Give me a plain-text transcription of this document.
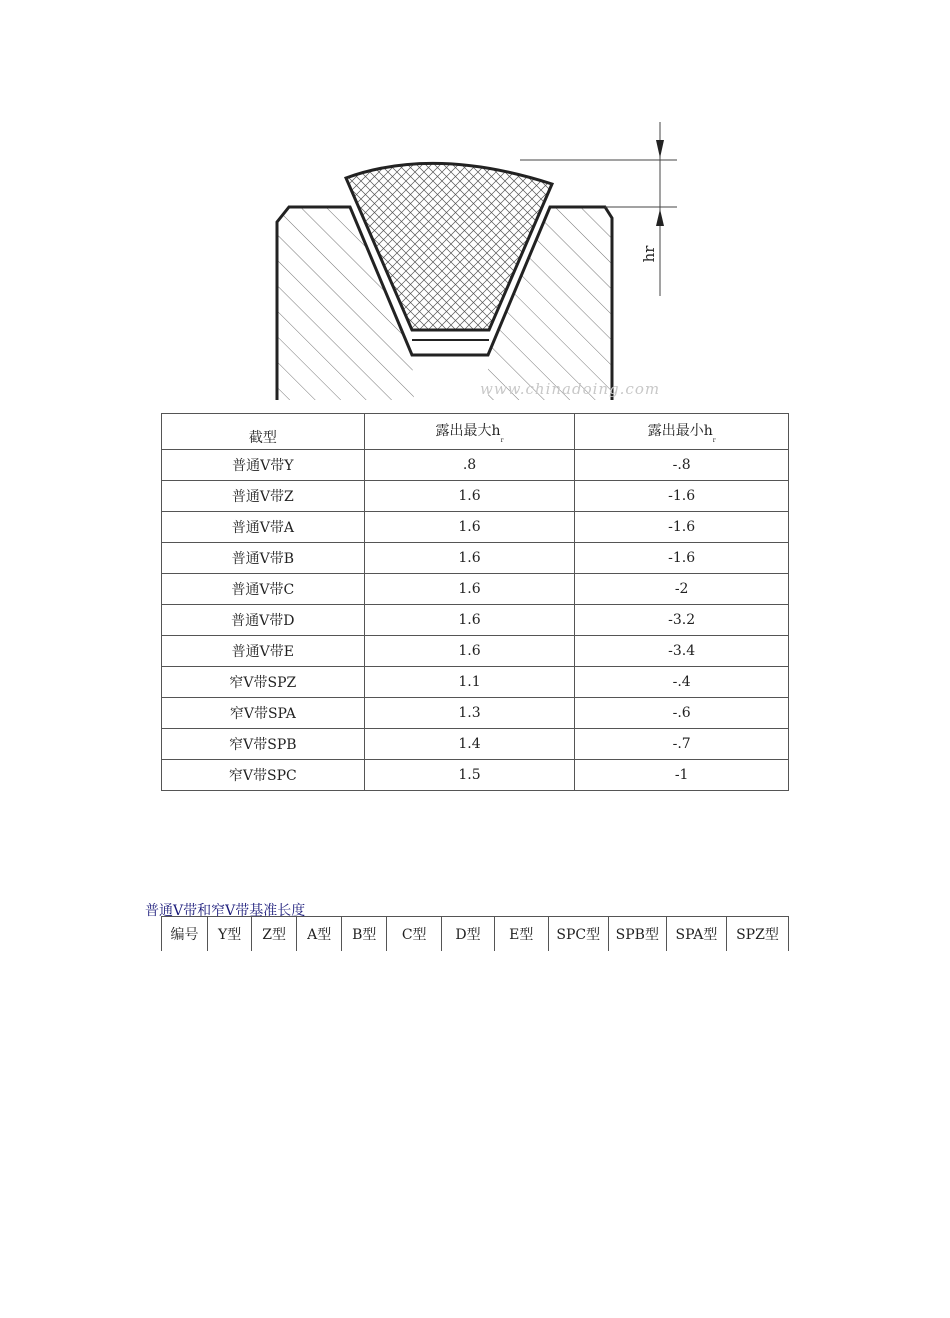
hr
www.chinadoing.com
截型	露出最大$h_r$	露出最小$h_r$
普通V带Y	.8	-.8
普通V带Z	1.6	-1.6
普通V带A	1.6	-1.6
普通V带B	1.6	-1.6
普通V带C	1.6	-2
普通V带D	1.6	-3.2
普通V带E	1.6	-3.4
窄V带SPZ	1.1	-.4
窄V带SPA	1.3	-.6
窄V带SPB	1.4	-.7
窄V带SPC	1.5	-1
普通V带和窄V带基准长度
编号	Y型	Z型	A型	B型	C型	D型	E型	SPC型	SPB型	SPA型	SPZ型
